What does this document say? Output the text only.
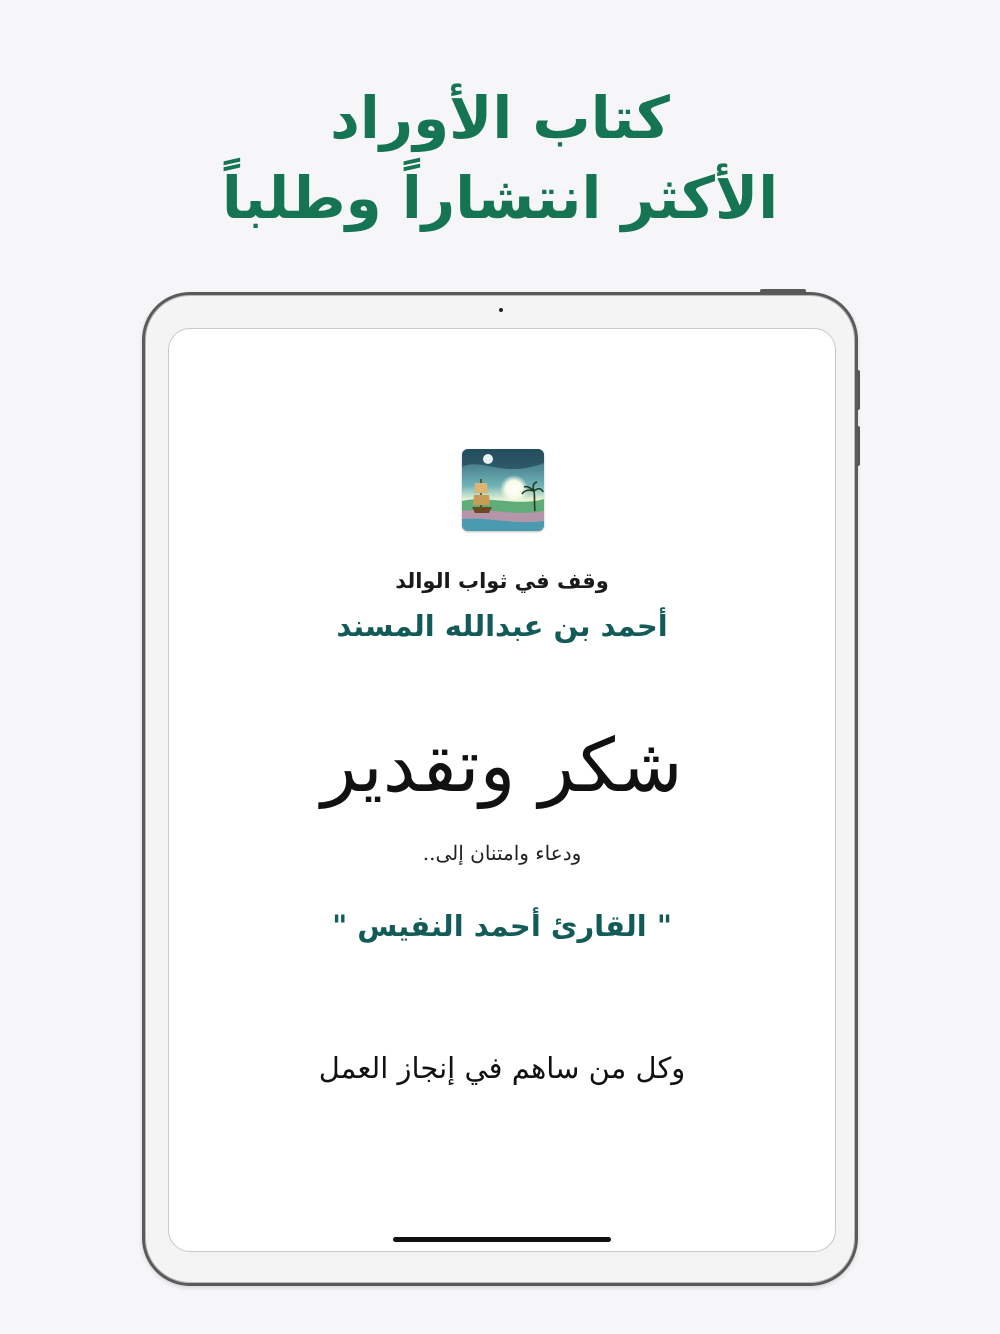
كتاب الأوراد
الأكثر انتشاراً وطلباً
وقف في ثواب الوالد
أحمد بن عبدالله المسند
شكر وتقدير
ودعاء وامتنان إلى..
" القارئ أحمد النفيس "
وكل من ساهم في إنجاز العمل
